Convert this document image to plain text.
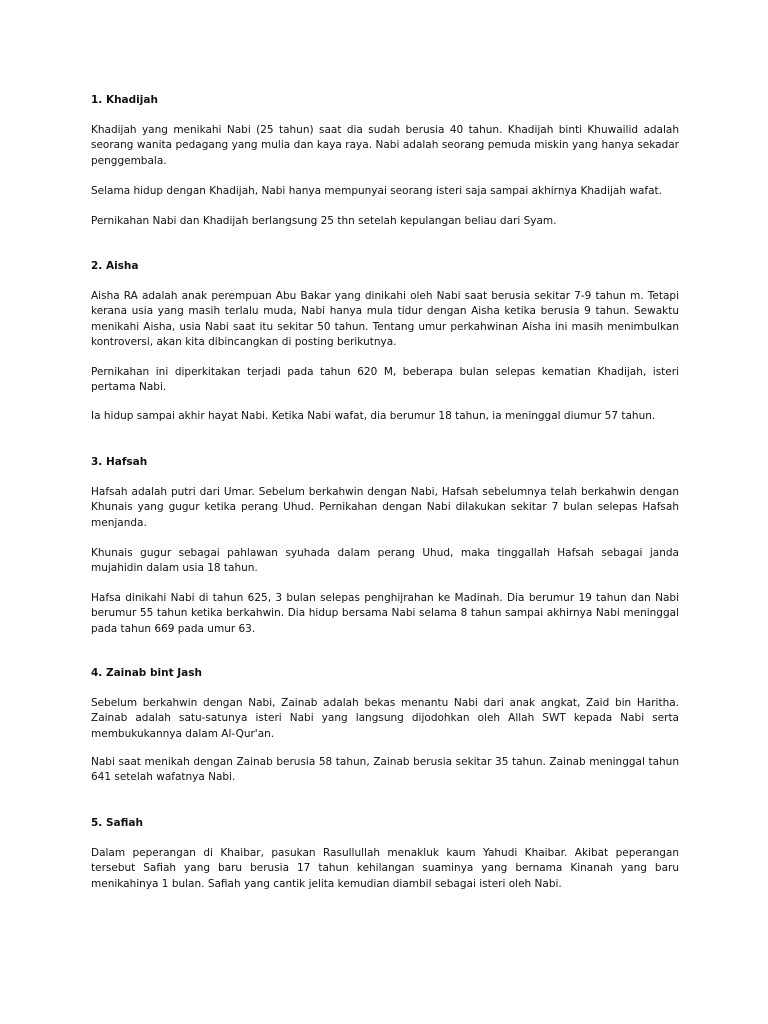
1. Khadijah

Khadijah yang menikahi Nabi (25 tahun) saat dia sudah berusia 40 tahun. Khadijah binti Khuwailid adalah seorang wanita pedagang yang mulia dan kaya raya. Nabi adalah seorang pemuda miskin yang hanya sekadar penggembala.

Selama hidup dengan Khadijah, Nabi hanya mempunyai seorang isteri saja sampai akhirnya Khadijah wafat.

Pernikahan Nabi dan Khadijah berlangsung 25 thn setelah kepulangan beliau dari Syam.

2. Aisha

Aisha RA adalah anak perempuan Abu Bakar yang dinikahi oleh Nabi saat berusia sekitar 7-9 tahun m. Tetapi kerana usia yang masih terlalu muda, Nabi hanya mula tidur dengan Aisha ketika berusia 9 tahun. Sewaktu menikahi Aisha, usia Nabi saat itu sekitar 50 tahun. Tentang umur perkahwinan Aisha ini masih menimbulkan kontroversi, akan kita dibincangkan di posting berikutnya.

Pernikahan ini diperkitakan terjadi pada tahun 620 M, beberapa bulan selepas kematian Khadijah, isteri pertama Nabi.

Ia hidup sampai akhir hayat Nabi. Ketika Nabi wafat, dia berumur 18 tahun, ia meninggal diumur 57 tahun.

3. Hafsah

Hafsah adalah putri dari Umar. Sebelum berkahwin dengan Nabi, Hafsah sebelumnya telah berkahwin dengan Khunais yang gugur ketika perang Uhud. Pernikahan dengan Nabi dilakukan sekitar 7 bulan selepas Hafsah menjanda.

Khunais gugur sebagai pahlawan syuhada dalam perang Uhud, maka tinggallah Hafsah sebagai janda mujahidin dalam usia 18 tahun.

Hafsa dinikahi Nabi di tahun 625, 3 bulan selepas penghijrahan ke Madinah. Dia berumur 19 tahun dan Nabi berumur 55 tahun ketika berkahwin. Dia hidup bersama Nabi selama 8 tahun sampai akhirnya Nabi meninggal pada tahun 669 pada umur 63.

4. Zainab bint Jash

Sebelum berkahwin dengan Nabi, Zainab adalah bekas menantu Nabi dari anak angkat, Zaid bin Haritha. Zainab adalah satu-satunya isteri Nabi yang langsung dijodohkan oleh Allah SWT kepada Nabi serta membukukannya dalam Al-Qur'an.

Nabi saat menikah dengan Zainab berusia 58 tahun, Zainab berusia sekitar 35 tahun. Zainab meninggal tahun 641 setelah wafatnya Nabi.

5. Safiah

Dalam peperangan di Khaibar, pasukan Rasullullah menakluk kaum Yahudi Khaibar. Akibat peperangan tersebut Safiah yang baru berusia 17 tahun kehilangan suaminya yang bernama Kinanah yang baru menikahinya 1 bulan. Safiah yang cantik jelita kemudian diambil sebagai isteri oleh Nabi.
